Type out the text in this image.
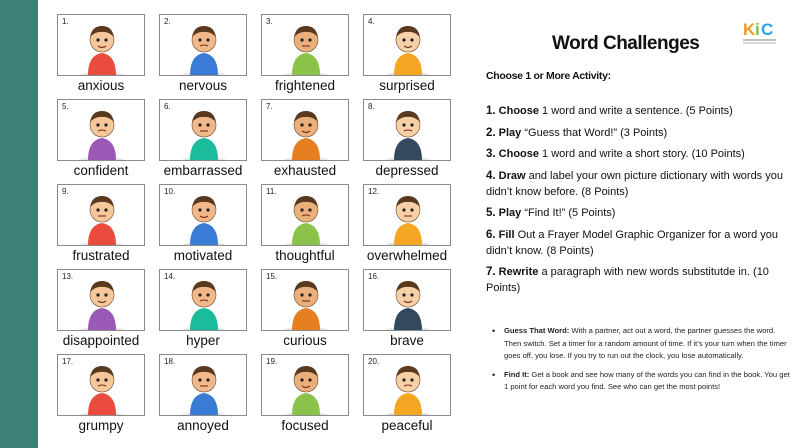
1.
anxious
2.
nervous
3.
frightened
4.
surprised
5.
confident
6.
embarrassed
7.
exhausted
8.
depressed
9.
frustrated
10.
motivated
11.
thoughtful
12.
overwhelmed
13.
disappointed
14.
hyper
15.
curious
16.
brave
17.
grumpy
18.
annoyed
19.
focused
20.
peaceful
K i C
Word Challenges
Choose 1 or More Activity:
1. Choose 1 word and write a sentence. (5 Points)
2. Play “Guess that Word!” (3 Points)
3. Choose 1 word and write a short story. (10 Points)
4. Draw and label your own picture dictionary with words you didn’t know before. (8 Points)
5. Play “Find It!” (5 Points)
6. Fill Out a Frayer Model Graphic Organizer for a word you didn’t know. (8 Points)
7. Rewrite a paragraph with new words substitutde in. (10 Points)
• Guess That Word: With a partner, act out a word, the partner guesses the word. Then switch. Set a timer for a random amount of time. If it’s your turn when the timer goes off, you lose. If you try to run out the clock, you lose automatically.
• Find It: Get a book and see how many of the words you can find in the book. You get 1 point for each word you find. See who can get the most points!
